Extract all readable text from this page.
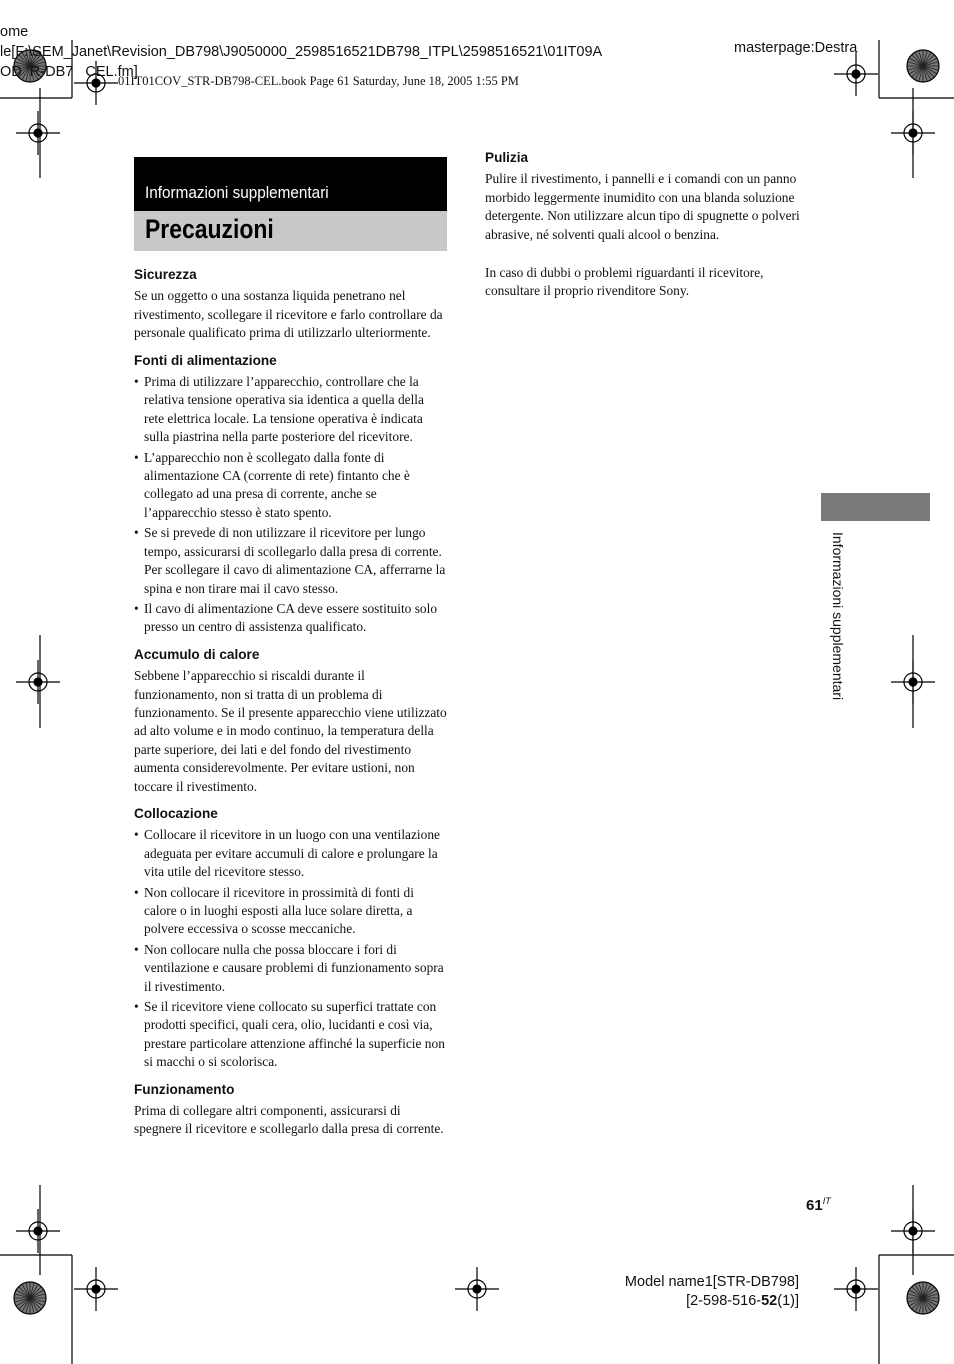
ome
le[F:\SEM_Janet\Revision_DB798\J9050000_2598516521DB798_ITPL\2598516521\01IT09A
OD  R-DB7   CEL.fm]
masterpage:Destra
01IT01COV_STR-DB798-CEL.book Page 61 Saturday, June 18, 2005 1:55 PM
Informazioni supplementari
Precauzioni
Sicurezza

Se un oggetto o una sostanza liquida penetrano nel rivestimento, scollegare il ricevitore e farlo controllare da personale qualificato prima di utilizzarlo ulteriormente.

Fonti di alimentazione
• Prima di utilizzare l’apparecchio, controllare che la relativa tensione operativa sia identica a quella della rete elettrica locale. La tensione operativa è indicata sulla piastrina nella parte posteriore del ricevitore.
• L’apparecchio non è scollegato dalla fonte di alimentazione CA (corrente di rete) fintanto che è collegato ad una presa di corrente, anche se l’apparecchio stesso è stato spento.
• Se si prevede di non utilizzare il ricevitore per lungo tempo, assicurarsi di scollegarlo dalla presa di corrente. Per scollegare il cavo di alimentazione CA, afferrarne la spina e non tirare mai il cavo stesso.
• Il cavo di alimentazione CA deve essere sostituito solo presso un centro di assistenza qualificato.
Accumulo di calore

Sebbene l’apparecchio si riscaldi durante il funzionamento, non si tratta di un problema di funzionamento. Se il presente apparecchio viene utilizzato ad alto volume e in modo continuo, la temperatura della parte superiore, dei lati e del fondo del rivestimento aumenta considerevolmente. Per evitare ustioni, non toccare il rivestimento.

Collocazione
• Collocare il ricevitore in un luogo con una ventilazione adeguata per evitare accumuli di calore e prolungare la vita utile del ricevitore stesso.
• Non collocare il ricevitore in prossimità di fonti di calore o in luoghi esposti alla luce solare diretta, a polvere eccessiva o scosse meccaniche.
• Non collocare nulla che possa bloccare i fori di ventilazione e causare problemi di funzionamento sopra il rivestimento.
• Se il ricevitore viene collocato su superfici trattate con prodotti specifici, quali cera, olio, lucidanti e così via, prestare particolare attenzione affinché la superficie non si macchi o si scolorisca.
Funzionamento

Prima di collegare altri componenti, assicurarsi di spegnere il ricevitore e scollegarlo dalla presa di corrente.

Pulizia

Pulire il rivestimento, i pannelli e i comandi con un panno morbido leggermente inumidito con una blanda soluzione detergente. Non utilizzare alcun tipo di spugnette o polveri abrasive, né solventi quali alcool o benzina.

In caso di dubbi o problemi riguardanti il ricevitore, consultare il proprio rivenditore Sony.

Informazioni supplementari
$61^{IT}$
Model name1[STR-DB798]
[2-598-516-52(1)]
